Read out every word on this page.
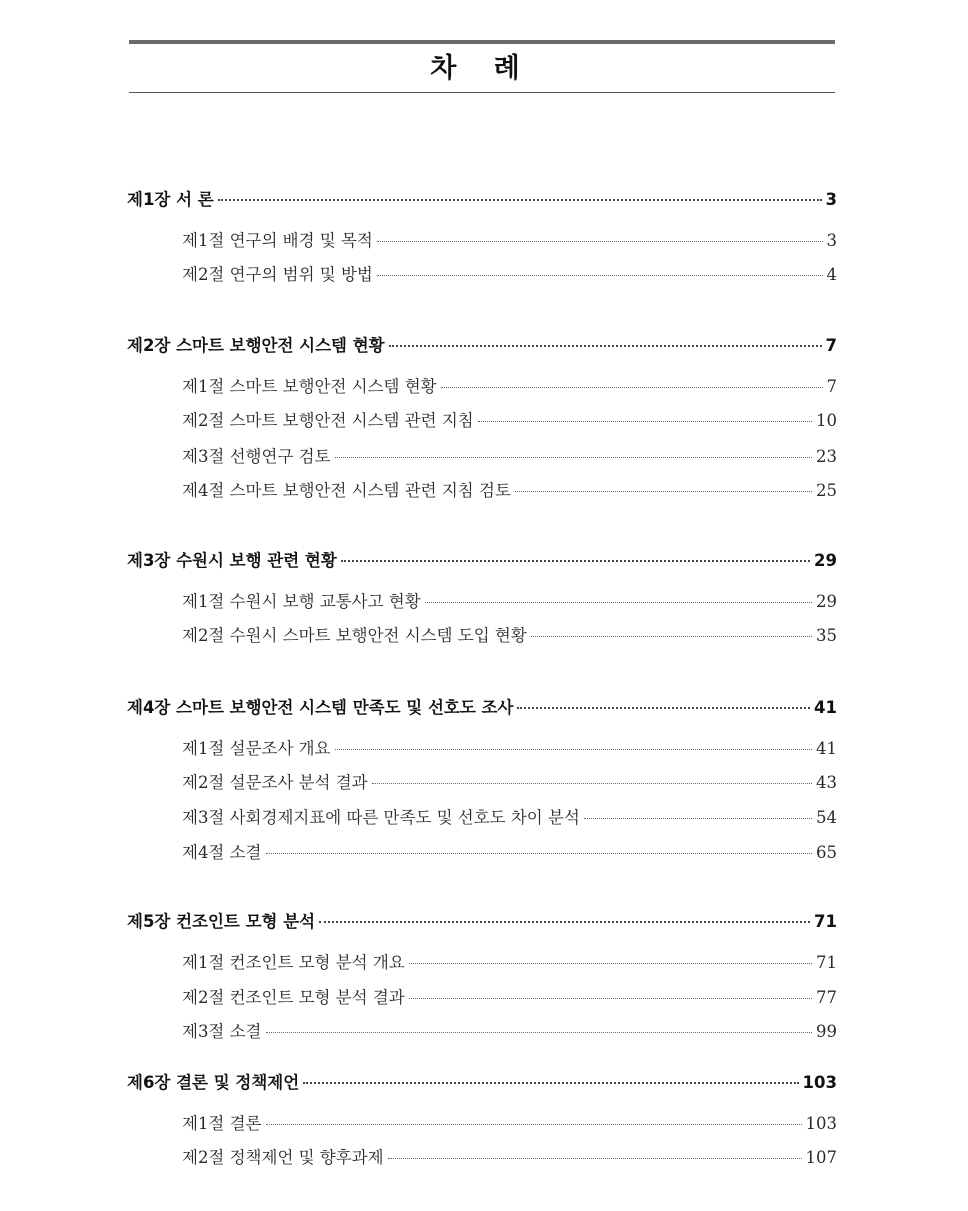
차 례
제1장 서 론	3
제1절 연구의 배경 및 목적	3
제2절 연구의 범위 및 방법	4
제2장 스마트 보행안전 시스템 현황	7
제1절 스마트 보행안전 시스템 현황	7
제2절 스마트 보행안전 시스템 관련 지침	10
제3절 선행연구 검토	23
제4절 스마트 보행안전 시스템 관련 지침 검토	25
제3장 수원시 보행 관련 현황	29
제1절 수원시 보행 교통사고 현황	29
제2절 수원시 스마트 보행안전 시스템 도입 현황	35
제4장 스마트 보행안전 시스템 만족도 및 선호도 조사	41
제1절 설문조사 개요	41
제2절 설문조사 분석 결과	43
제3절 사회경제지표에 따른 만족도 및 선호도 차이 분석	54
제4절 소결	65
제5장 컨조인트 모형 분석	71
제1절 컨조인트 모형 분석 개요	71
제2절 컨조인트 모형 분석 결과	77
제3절 소결	99
제6장 결론 및 정책제언	103
제1절 결론	103
제2절 정책제언 및 향후과제	107
